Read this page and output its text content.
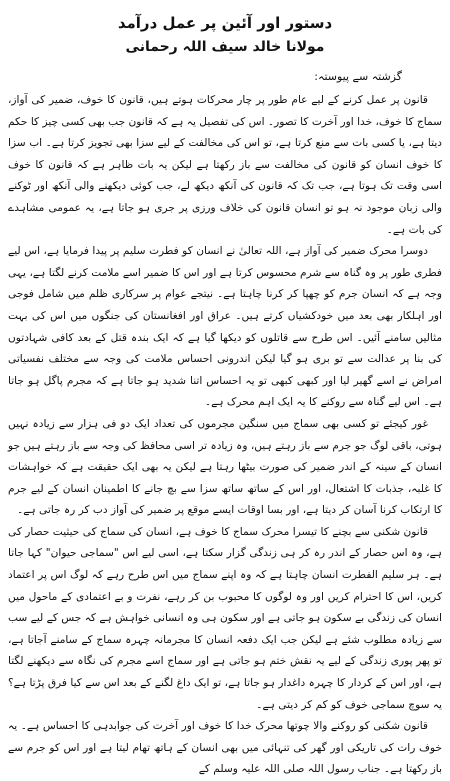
دستور اور آئین پر عمل درآمد
مولانا خالد سیف اللہ رحمانی
گزشتہ سے پیوستہ:

قانون پر عمل کرنے کے لیے عام طور پر چار محرکات ہوتے ہیں، قانون کا خوف، ضمیر کی آواز، سماج کا خوف، خدا اور آخرت کا تصور۔ اس کی تفصیل یہ ہے کہ قانون جب بھی کسی چیز کا حکم دیتا ہے، یا کسی بات سے منع کرتا ہے، تو اس کی مخالفت کے لیے سزا بھی تجویز کرتا ہے۔ اب سزا کا خوف انسان کو قانون کی مخالفت سے باز رکھتا ہے لیکن یہ بات ظاہر ہے کہ قانون کا خوف اسی وقت تک ہوتا ہے، جب تک کہ قانون کی آنکھ دیکھ لے، جب کوئی دیکھنے والی آنکھ اور ٹوکنے والی زبان موجود نہ ہو تو انسان قانون کی خلاف ورزی پر جری ہو جاتا ہے، یہ عمومی مشاہدے کی بات ہے۔

دوسرا محرک ضمیر کی آواز ہے، اللہ تعالیٰ نے انسان کو فطرت سلیم پر پیدا فرمایا ہے، اس لیے فطری طور پر وہ گناہ سے شرم محسوس کرتا ہے اور اس کا ضمیر اسے ملامت کرنے لگتا ہے، یہی وجہ ہے کہ انسان جرم کو چھپا کر کرنا چاہتا ہے۔ نیتجے عوام پر سرکاری ظلم میں شامل فوجی اور اہلکار بھی بعد میں خودکشیاں کرتے ہیں۔ عراق اور افغانستان کی جنگوں میں اس کی بہت مثالیں سامنے آئیں۔ اس طرح سے قاتلوں کو دیکھا گیا ہے کہ ایک بندہ قتل کے بعد کافی شہادتوں کی بنا پر عدالت سے تو بری ہو گیا لیکن اندرونی احساس ملامت کی وجہ سے مختلف نفسیاتی امراض نے اسے گھیر لیا اور کبھی کبھی تو یہ احساس اتنا شدید ہو جاتا ہے کہ مجرم پاگل ہو جاتا ہے۔ اس لیے گناہ سے روکنے کا یہ ایک اہم محرک ہے۔

غور کیجئے تو کسی بھی سماج میں سنگین مجرموں کی تعداد ایک دو فی ہزار سے زیادہ نہیں ہوتی، باقی لوگ جو جرم سے باز رہتے ہیں، وہ زیادہ تر اسی محافظ کی وجہ سے باز رہتے ہیں جو انسان کے سینہ کے اندر ضمیر کی صورت بیٹھا رہتا ہے لیکن یہ بھی ایک حقیقت ہے کہ خواہشات کا غلبہ، جذبات کا اشتعال، اور اس کے ساتھ ساتھ سزا سے بچ جانے کا اطمینان انسان کے لیے جرم کا ارتکاب کرنا آسان کر دیتا ہے، اور بسا اوقات ایسے موقع پر ضمیر کی آواز دب کر رہ جاتی ہے۔

قانون شکنی سے بچنے کا تیسرا محرک سماج کا خوف ہے، انسان کی سماج کی حیثیت حصار کی ہے، وہ اس حصار کے اندر رہ کر ہی زندگی گزار سکتا ہے، اسی لیے اس "سماجی حیوان" کہا جاتا ہے۔ ہر سلیم الفطرت انسان چاہتا ہے کہ وہ اپنے سماج میں اس طرح رہے کہ لوگ اس پر اعتماد کریں، اس کا احترام کریں اور وہ لوگوں کا محبوب بن کر رہے، نفرت و بے اعتمادی کے ماحول میں انسان کی زندگی بے سکون ہو جاتی ہے اور سکون ہی وہ انسانی خواہش ہے کہ جس کے لیے سب سے زیادہ مطلوب شئے ہے لیکن جب ایک دفعہ انسان کا مجرمانہ چہرہ سماج کے سامنے آجاتا ہے، تو پھر پوری زندگی کے لیے یہ نقش ختم ہو جاتی ہے اور سماج اسے مجرم کی نگاہ سے دیکھنے لگتا ہے، اور اس کے کردار کا چہرہ داغدار ہو جاتا ہے، تو ایک داغ لگنے کے بعد اس سے کیا فرق پڑتا ہے؟ یہ سوچ سماجی خوف کو کم کر دیتی ہے۔

قانون شکنی کو روکنے والا چوتھا محرک خدا کا خوف اور آخرت کی جوابدہی کا احساس ہے۔ یہ خوف رات کی تاریکی اور گھر کی تنہائی میں بھی انسان کے ہاتھ تھام لیتا ہے اور اس کو جرم سے باز رکھتا ہے۔ جناب رسول اللہ صلی اللہ علیہ وسلم کے
